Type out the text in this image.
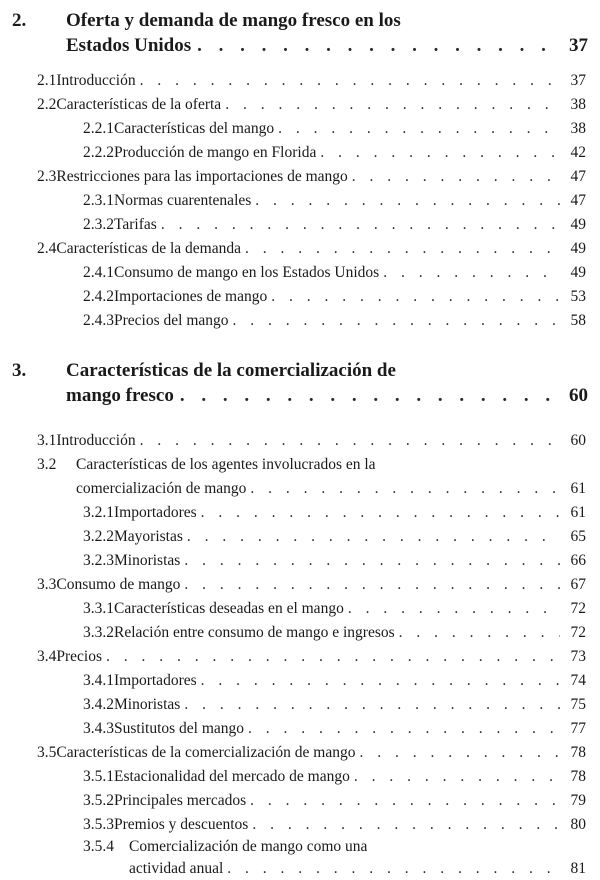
2. Oferta y demanda de mango fresco en los
Estados Unidos . . .	37
2.1 Introducción . . .	37
2.2 Características de la oferta . . .	38
2.2.1 Características del mango . . .	38
2.2.2 Producción de mango en Florida . . .	42
2.3 Restricciones para las importaciones de mango . . .	47
2.3.1 Normas cuarentenales . . .	47
2.3.2 Tarifas . . .	49
2.4 Características de la demanda . . .	49
2.4.1 Consumo de mango en los Estados Unidos . . .	49
2.4.2 Importaciones de mango . . .	53
2.4.3 Precios del mango . . .	58
3. Características de la comercialización de
mango fresco . . .	60
3.1 Introducción . . .	60
3.2	Características de los agentes involucrados en la
comercialización de mango . . .	61
3.2.1 Importadores . . .	61
3.2.2 Mayoristas . . .	65
3.2.3 Minoristas . . .	66
3.3 Consumo de mango . . .	67
3.3.1 Características deseadas en el mango . . .	72
3.3.2 Relación entre consumo de mango e ingresos . . .	72
3.4 Precios . . .	73
3.4.1 Importadores . . .	74
3.4.2 Minoristas . . .	75
3.4.3 Sustitutos del mango . . .	77
3.5 Características de la comercialización de mango . . .	78
3.5.1 Estacionalidad del mercado de mango . . .	78
3.5.2 Principales mercados . . .	79
3.5.3 Premios y descuentos . . .	80
3.5.4 Comercialización de mango como una
actividad anual . . .	81
